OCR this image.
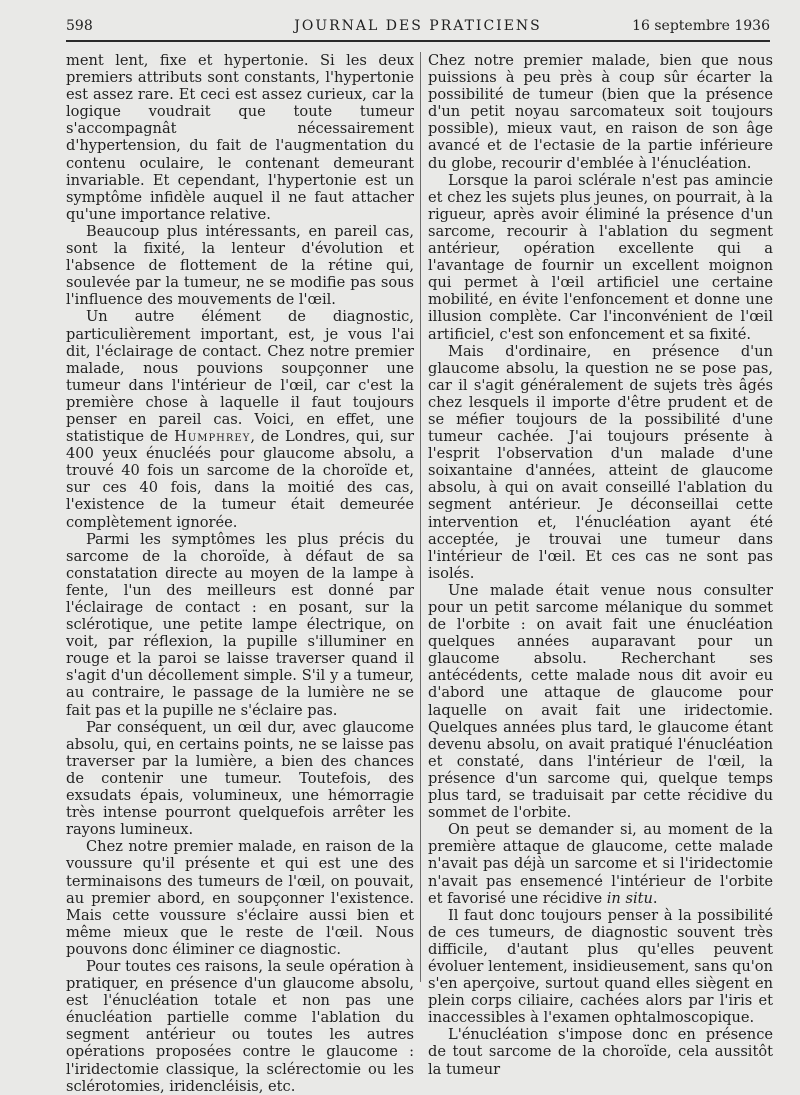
598	JOURNAL DES PRATICIENS	16 septembre 1936

ment lent, fixe et hypertonie. Si les deux premiers attributs sont constants, l'hypertonie est assez rare. Et ceci est assez curieux, car la logique voudrait que toute tumeur s'accompagnât nécessairement d'hypertension, du fait de l'augmentation du contenu oculaire, le contenant demeurant invariable. Et cependant, l'hypertonie est un symptôme infidèle auquel il ne faut attacher qu'une importance relative.

Beaucoup plus intéressants, en pareil cas, sont la fixité, la lenteur d'évolution et l'absence de flottement de la rétine qui, soulevée par la tumeur, ne se modifie pas sous l'influence des mouvements de l'œil.

Un autre élément de diagnostic, particulièrement important, est, je vous l'ai dit, l'éclairage de contact. Chez notre premier malade, nous pouvions soupçonner une tumeur dans l'intérieur de l'œil, car c'est la première chose à laquelle il faut toujours penser en pareil cas. Voici, en effet, une statistique de Humphrey, de Londres, qui, sur 400 yeux énucléés pour glaucome absolu, a trouvé 40 fois un sarcome de la choroïde et, sur ces 40 fois, dans la moitié des cas, l'existence de la tumeur était demeurée complètement ignorée.

Parmi les symptômes les plus précis du sarcome de la choroïde, à défaut de sa constatation directe au moyen de la lampe à fente, l'un des meilleurs est donné par l'éclairage de contact : en posant, sur la sclérotique, une petite lampe électrique, on voit, par réflexion, la pupille s'illuminer en rouge et la paroi se laisse traverser quand il s'agit d'un décollement simple. S'il y a tumeur, au contraire, le passage de la lumière ne se fait pas et la pupille ne s'éclaire pas.

Par conséquent, un œil dur, avec glaucome absolu, qui, en certains points, ne se laisse pas traverser par la lumière, a bien des chances de contenir une tumeur. Toutefois, des exsudats épais, volumineux, une hémorragie très intense pourront quelquefois arrêter les rayons lumineux.

Chez notre premier malade, en raison de la voussure qu'il présente et qui est une des terminaisons des tumeurs de l'œil, on pouvait, au premier abord, en soupçonner l'existence. Mais cette voussure s'éclaire aussi bien et même mieux que le reste de l'œil. Nous pouvons donc éliminer ce diagnostic.

Pour toutes ces raisons, la seule opération à pratiquer, en présence d'un glaucome absolu, est l'énucléation totale et non pas une énucléation partielle comme l'ablation du segment antérieur ou toutes les autres opérations proposées contre le glaucome : l'iridectomie classique, la sclérectomie ou les sclérotomies, iridencléisis, etc.

Chez notre premier malade, bien que nous puissions à peu près à coup sûr écarter la possibilité de tumeur (bien que la présence d'un petit noyau sarcomateux soit toujours possible), mieux vaut, en raison de son âge avancé et de l'ectasie de la partie inférieure du globe, recourir d'emblée à l'énucléation.

Lorsque la paroi sclérale n'est pas amincie et chez les sujets plus jeunes, on pourrait, à la rigueur, après avoir éliminé la présence d'un sarcome, recourir à l'ablation du segment antérieur, opération excellente qui a l'avantage de fournir un excellent moignon qui permet à l'œil artificiel une certaine mobilité, en évite l'enfoncement et donne une illusion complète. Car l'inconvénient de l'œil artificiel, c'est son enfoncement et sa fixité.

Mais d'ordinaire, en présence d'un glaucome absolu, la question ne se pose pas, car il s'agit généralement de sujets très âgés chez lesquels il importe d'être prudent et de se méfier toujours de la possibilité d'une tumeur cachée. J'ai toujours présente à l'esprit l'observation d'un malade d'une soixantaine d'années, atteint de glaucome absolu, à qui on avait conseillé l'ablation du segment antérieur. Je déconseillai cette intervention et, l'énucléation ayant été acceptée, je trouvai une tumeur dans l'intérieur de l'œil. Et ces cas ne sont pas isolés.

Une malade était venue nous consulter pour un petit sarcome mélanique du sommet de l'orbite : on avait fait une énucléation quelques années auparavant pour un glaucome absolu. Recherchant ses antécédents, cette malade nous dit avoir eu d'abord une attaque de glaucome pour laquelle on avait fait une iridectomie. Quelques années plus tard, le glaucome étant devenu absolu, on avait pratiqué l'énucléation et constaté, dans l'intérieur de l'œil, la présence d'un sarcome qui, quelque temps plus tard, se traduisait par cette récidive du sommet de l'orbite.

On peut se demander si, au moment de la première attaque de glaucome, cette malade n'avait pas déjà un sarcome et si l'iridectomie n'avait pas ensemencé l'intérieur de l'orbite et favorisé une récidive in situ.

Il faut donc toujours penser à la possibilité de ces tumeurs, de diagnostic souvent très difficile, d'autant plus qu'elles peuvent évoluer lentement, insidieusement, sans qu'on s'en aperçoive, surtout quand elles siègent en plein corps ciliaire, cachées alors par l'iris et inaccessibles à l'examen ophtalmoscopique.

L'énucléation s'impose donc en présence de tout sarcome de la choroïde, cela aussitôt la tumeur
